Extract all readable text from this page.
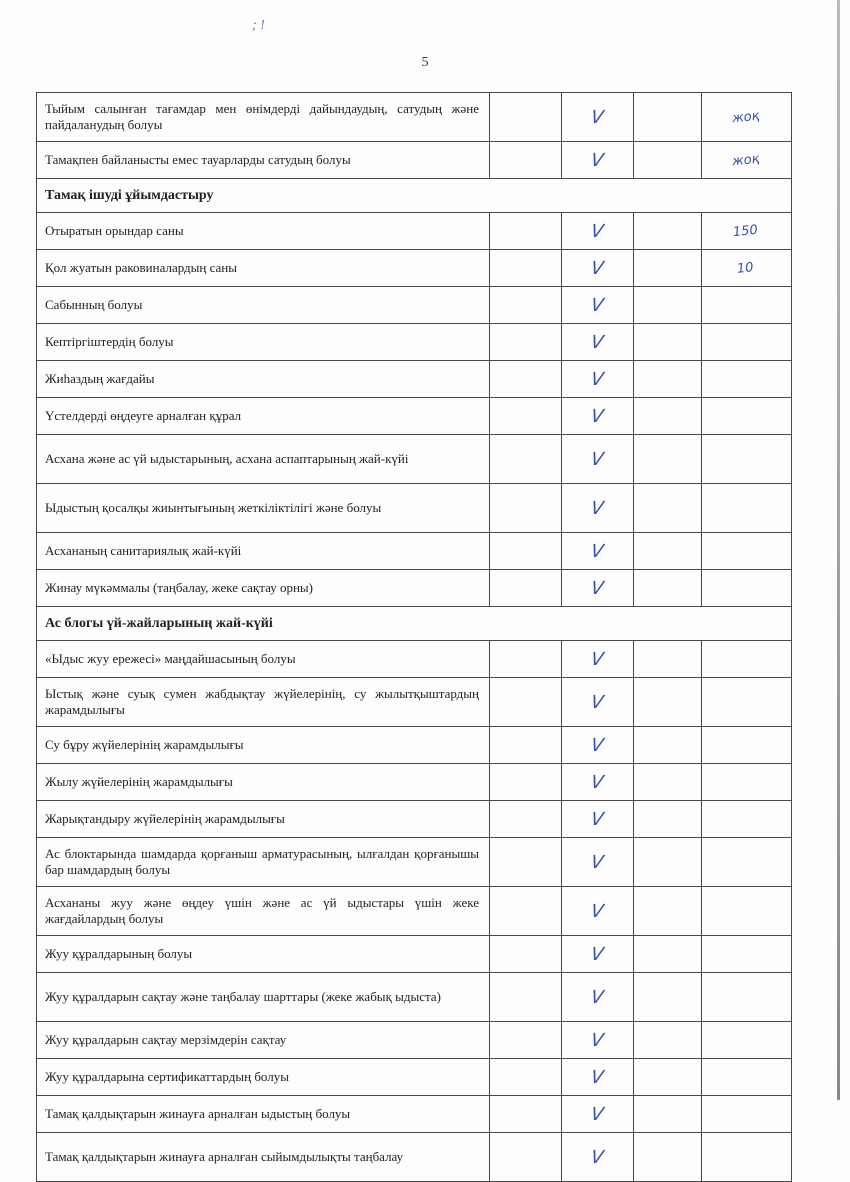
; !
5
Тыйым салынған тағамдар мен өнімдерді дайындаудың, сатудың және пайдаланудың болуы	V	жоқ
Тамақпен байланысты емес тауарларды сатудың болуы	V	жоқ
Тамақ ішуді ұйымдастыру
Отыратын орындар саны	V	150
Қол жуатын раковиналардың саны	V	10
Сабынның болуы	V
Кептіргіштердің болуы	V
Жиһаздың жағдайы	V
Үстелдерді өңдеуге арналған құрал	V
Асхана және ас үй ыдыстарының, асхана аспаптарының жай-күйі	V
Ыдыстың қосалқы жиынтығының жеткіліктілігі және болуы	V
Асхананың санитариялық жай-күйі	V
Жинау мүкәммалы (таңбалау, жеке сақтау орны)	V
Ас блогы үй-жайларының жай-күйі
«Ыдыс жуу ережесі» маңдайшасының болуы	V
Ыстық және суық сумен жабдықтау жүйелерінің, су жылытқыштардың жарамдылығы	V
Су бұру жүйелерінің жарамдылығы	V
Жылу жүйелерінің жарамдылығы	V
Жарықтандыру жүйелерінің жарамдылығы	V
Ас блоктарында шамдарда қорғаныш арматурасының, ылғалдан қорғанышы бар шамдардың болуы	V
Асхананы жуу және өңдеу үшін және ас үй ыдыстары үшін жеке жағдайлардың болуы	V
Жуу құралдарының болуы	V
Жуу құралдарын сақтау және таңбалау шарттары (жеке жабық ыдыста)	V
Жуу құралдарын сақтау мерзімдерін сақтау	V
Жуу құралдарына сертификаттардың болуы	V
Тамақ қалдықтарын жинауға арналған ыдыстың болуы	V
Тамақ қалдықтарын жинауға арналған сыйымдылықты таңбалау	V
